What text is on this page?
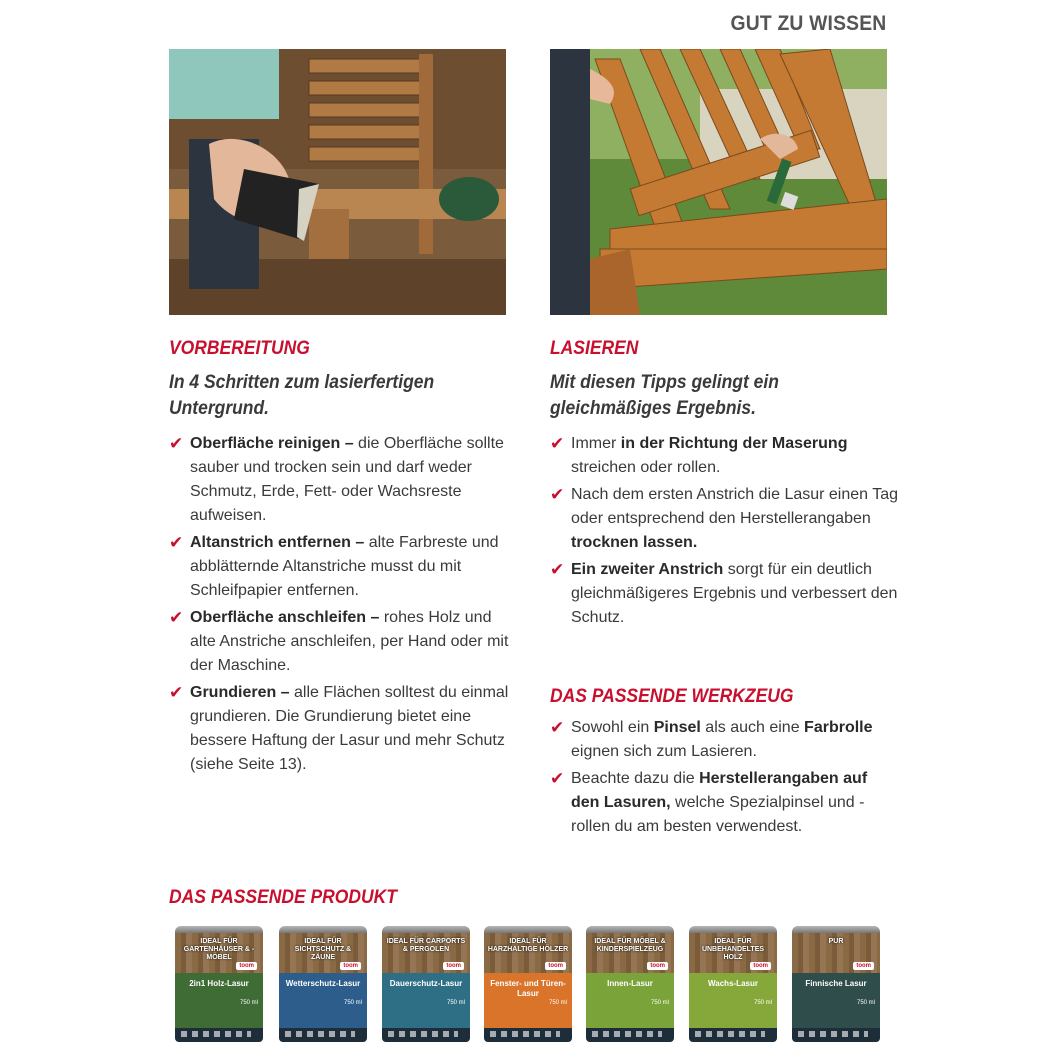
GUT ZU WISSEN
VORBEREITUNG
In 4 Schritten zum lasierfertigen
Untergrund.
✔ Oberfläche reinigen – die Oberfläche sollte sauber und trocken sein und darf weder Schmutz, Erde, Fett- oder Wachsreste aufweisen.
✔ Altanstrich entfernen – alte Farbreste und abblätternde Altanstriche musst du mit Schleifpapier entfernen.
✔ Oberfläche anschleifen – rohes Holz und alte Anstriche anschleifen, per Hand oder mit der Maschine.
✔ Grundieren – alle Flächen solltest du einmal grundieren. Die Grundierung bietet eine bessere Haftung der Lasur und mehr Schutz (siehe Seite 13).
LASIEREN
Mit diesen Tipps gelingt ein
gleichmäßiges Ergebnis.
✔ Immer in der Richtung der Maserung streichen oder rollen.
✔ Nach dem ersten Anstrich die Lasur einen Tag oder entsprechend den Herstellerangaben trocknen lassen.
✔ Ein zweiter Anstrich sorgt für ein deutlich gleichmäßigeres Ergebnis und verbessert den Schutz.
DAS PASSENDE WERKZEUG
✔ Sowohl ein Pinsel als auch eine Farbrolle eignen sich zum Lasieren.
✔ Beachte dazu die Herstellerangaben auf den Lasuren, welche Spezialpinsel und -rollen du am besten verwendest.
DAS PASSENDE PRODUKT
IDEAL FÜR GARTENHÄUSER & -MÖBEL
toom
2in1 Holz-Lasur
750 ml
IDEAL FÜR SICHTSCHUTZ & ZÄUNE
toom
Wetterschutz-Lasur
750 ml
IDEAL FÜR CARPORTS & PERGOLEN
toom
Dauerschutz-Lasur
750 ml
IDEAL FÜR HARZHALTIGE HÖLZER
toom
Fenster- und Türen-Lasur
750 ml
IDEAL FÜR MÖBEL & KINDERSPIELZEUG
toom
Innen-Lasur
750 ml
IDEAL FÜR UNBEHANDELTES HOLZ
toom
Wachs-Lasur
750 ml
PUR
toom
Finnische Lasur
750 ml
